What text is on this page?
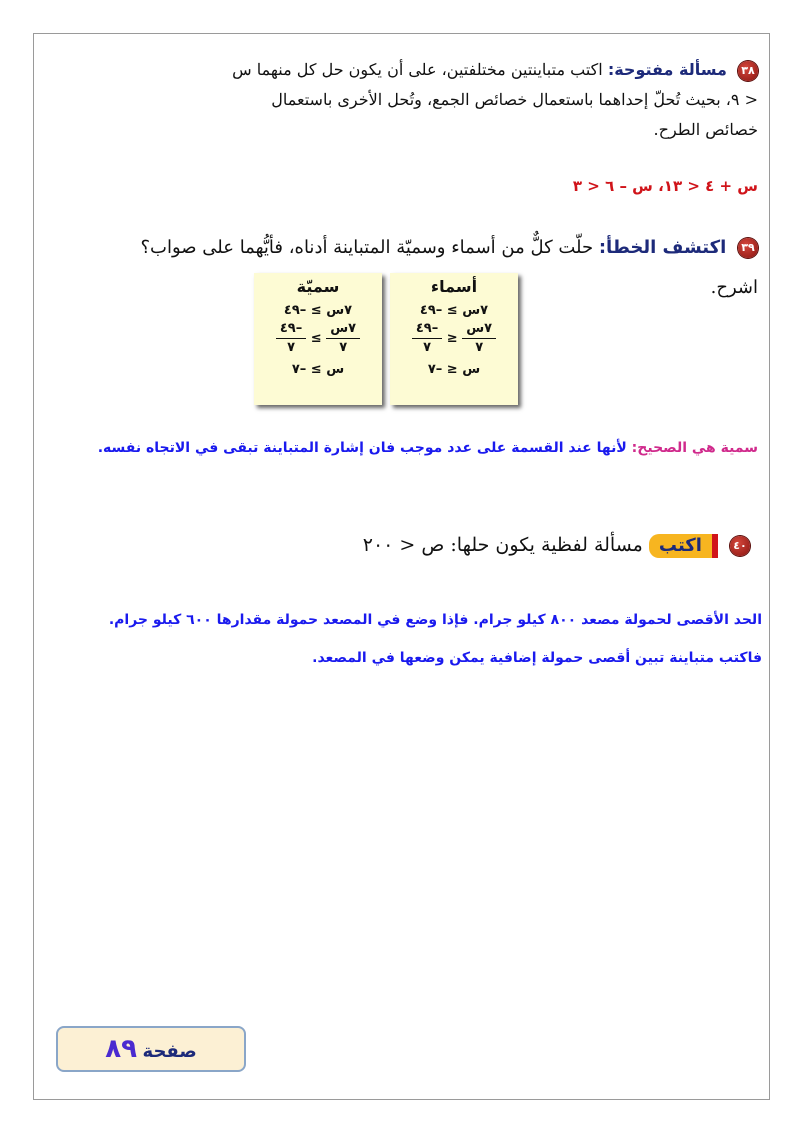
٣٨ مسألة مفتوحة: اكتب متباينتين مختلفتين، على أن يكون حل كل منهما س < ٩، بحيث تُحلّ إحداهما باستعمال خصائص الجمع، وتُحل الأخرى باستعمال خصائص الطرح.
س + ٤ < ١٣، س – ٦ < ٣
٣٩ اكتشف الخطأ: حلّت كلٌّ من أسماء وسميّة المتباينة أدناه، فأيُّهما على صواب؟ اشرح.
أسماء
٧س ≥ –٤٩
$\frac{\text{٧س}}{٧}$
≤
$\frac{-٤٩}{٧}$
س ≤ –٧
سميّة
٧س ≥ –٤٩
$\frac{\text{٧س}}{٧}$
≥
$\frac{-٤٩}{٧}$
س ≥ –٧
سمية هي الصحيح: لأنها عند القسمة على عدد موجب فان إشارة المتباينة تبقى في الاتجاه نفسه.
٤٠ اكتب مسألة لفظية يكون حلها: ص < ٢٠٠
الحد الأقصى لحمولة مصعد ٨٠٠ كيلو جرام. فإذا وضع في المصعد حمولة مقدارها ٦٠٠ كيلو جرام.
فاكتب متباينة تبين أقصى حمولة إضافية يمكن وضعها في المصعد.
صفحة ٨٩
